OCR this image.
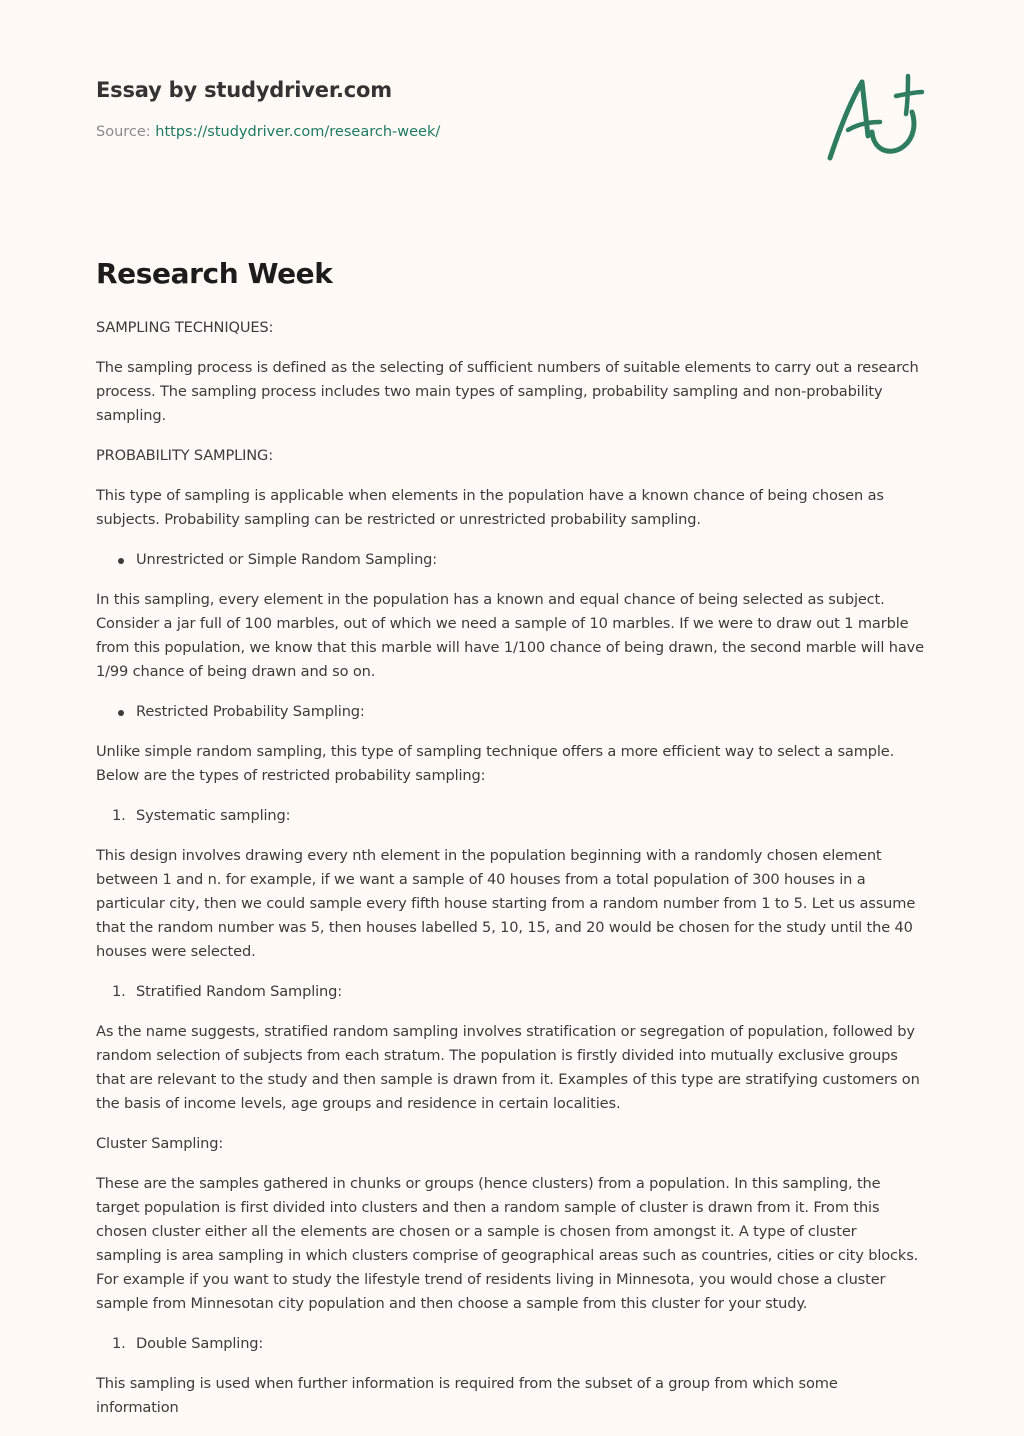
Essay by studydriver.com
Source: https://studydriver.com/research-week/
Research Week

SAMPLING TECHNIQUES:

The sampling process is defined as the selecting of sufficient numbers of suitable elements to carry out a research process. The sampling process includes two main types of sampling, probability sampling and non-probability sampling.

PROBABILITY SAMPLING:

This type of sampling is applicable when elements in the population have a known chance of being chosen as subjects. Probability sampling can be restricted or unrestricted probability sampling.

Unrestricted or Simple Random Sampling:

In this sampling, every element in the population has a known and equal chance of being selected as subject. Consider a jar full of 100 marbles, out of which we need a sample of 10 marbles. If we were to draw out 1 marble from this population, we know that this marble will have 1/100 chance of being drawn, the second marble will have 1/99 chance of being drawn and so on.

Restricted Probability Sampling:

Unlike simple random sampling, this type of sampling technique offers a more efficient way to select a sample. Below are the types of restricted probability sampling:

1. Systematic sampling:

This design involves drawing every nth element in the population beginning with a randomly chosen element between 1 and n. for example, if we want a sample of 40 houses from a total population of 300 houses in a particular city, then we could sample every fifth house starting from a random number from 1 to 5. Let us assume that the random number was 5, then houses labelled 5, 10, 15, and 20 would be chosen for the study until the 40 houses were selected.

1. Stratified Random Sampling:

As the name suggests, stratified random sampling involves stratification or segregation of population, followed by random selection of subjects from each stratum. The population is firstly divided into mutually exclusive groups that are relevant to the study and then sample is drawn from it. Examples of this type are stratifying customers on the basis of income levels, age groups and residence in certain localities.

Cluster Sampling:

These are the samples gathered in chunks or groups (hence clusters) from a population. In this sampling, the target population is first divided into clusters and then a random sample of cluster is drawn from it. From this chosen cluster either all the elements are chosen or a sample is chosen from amongst it. A type of cluster sampling is area sampling in which clusters comprise of geographical areas such as countries, cities or city blocks. For example if you want to study the lifestyle trend of residents living in Minnesota, you would chose a cluster sample from Minnesotan city population and then choose a sample from this cluster for your study.

1. Double Sampling:

This sampling is used when further information is required from the subset of a group from which some information
